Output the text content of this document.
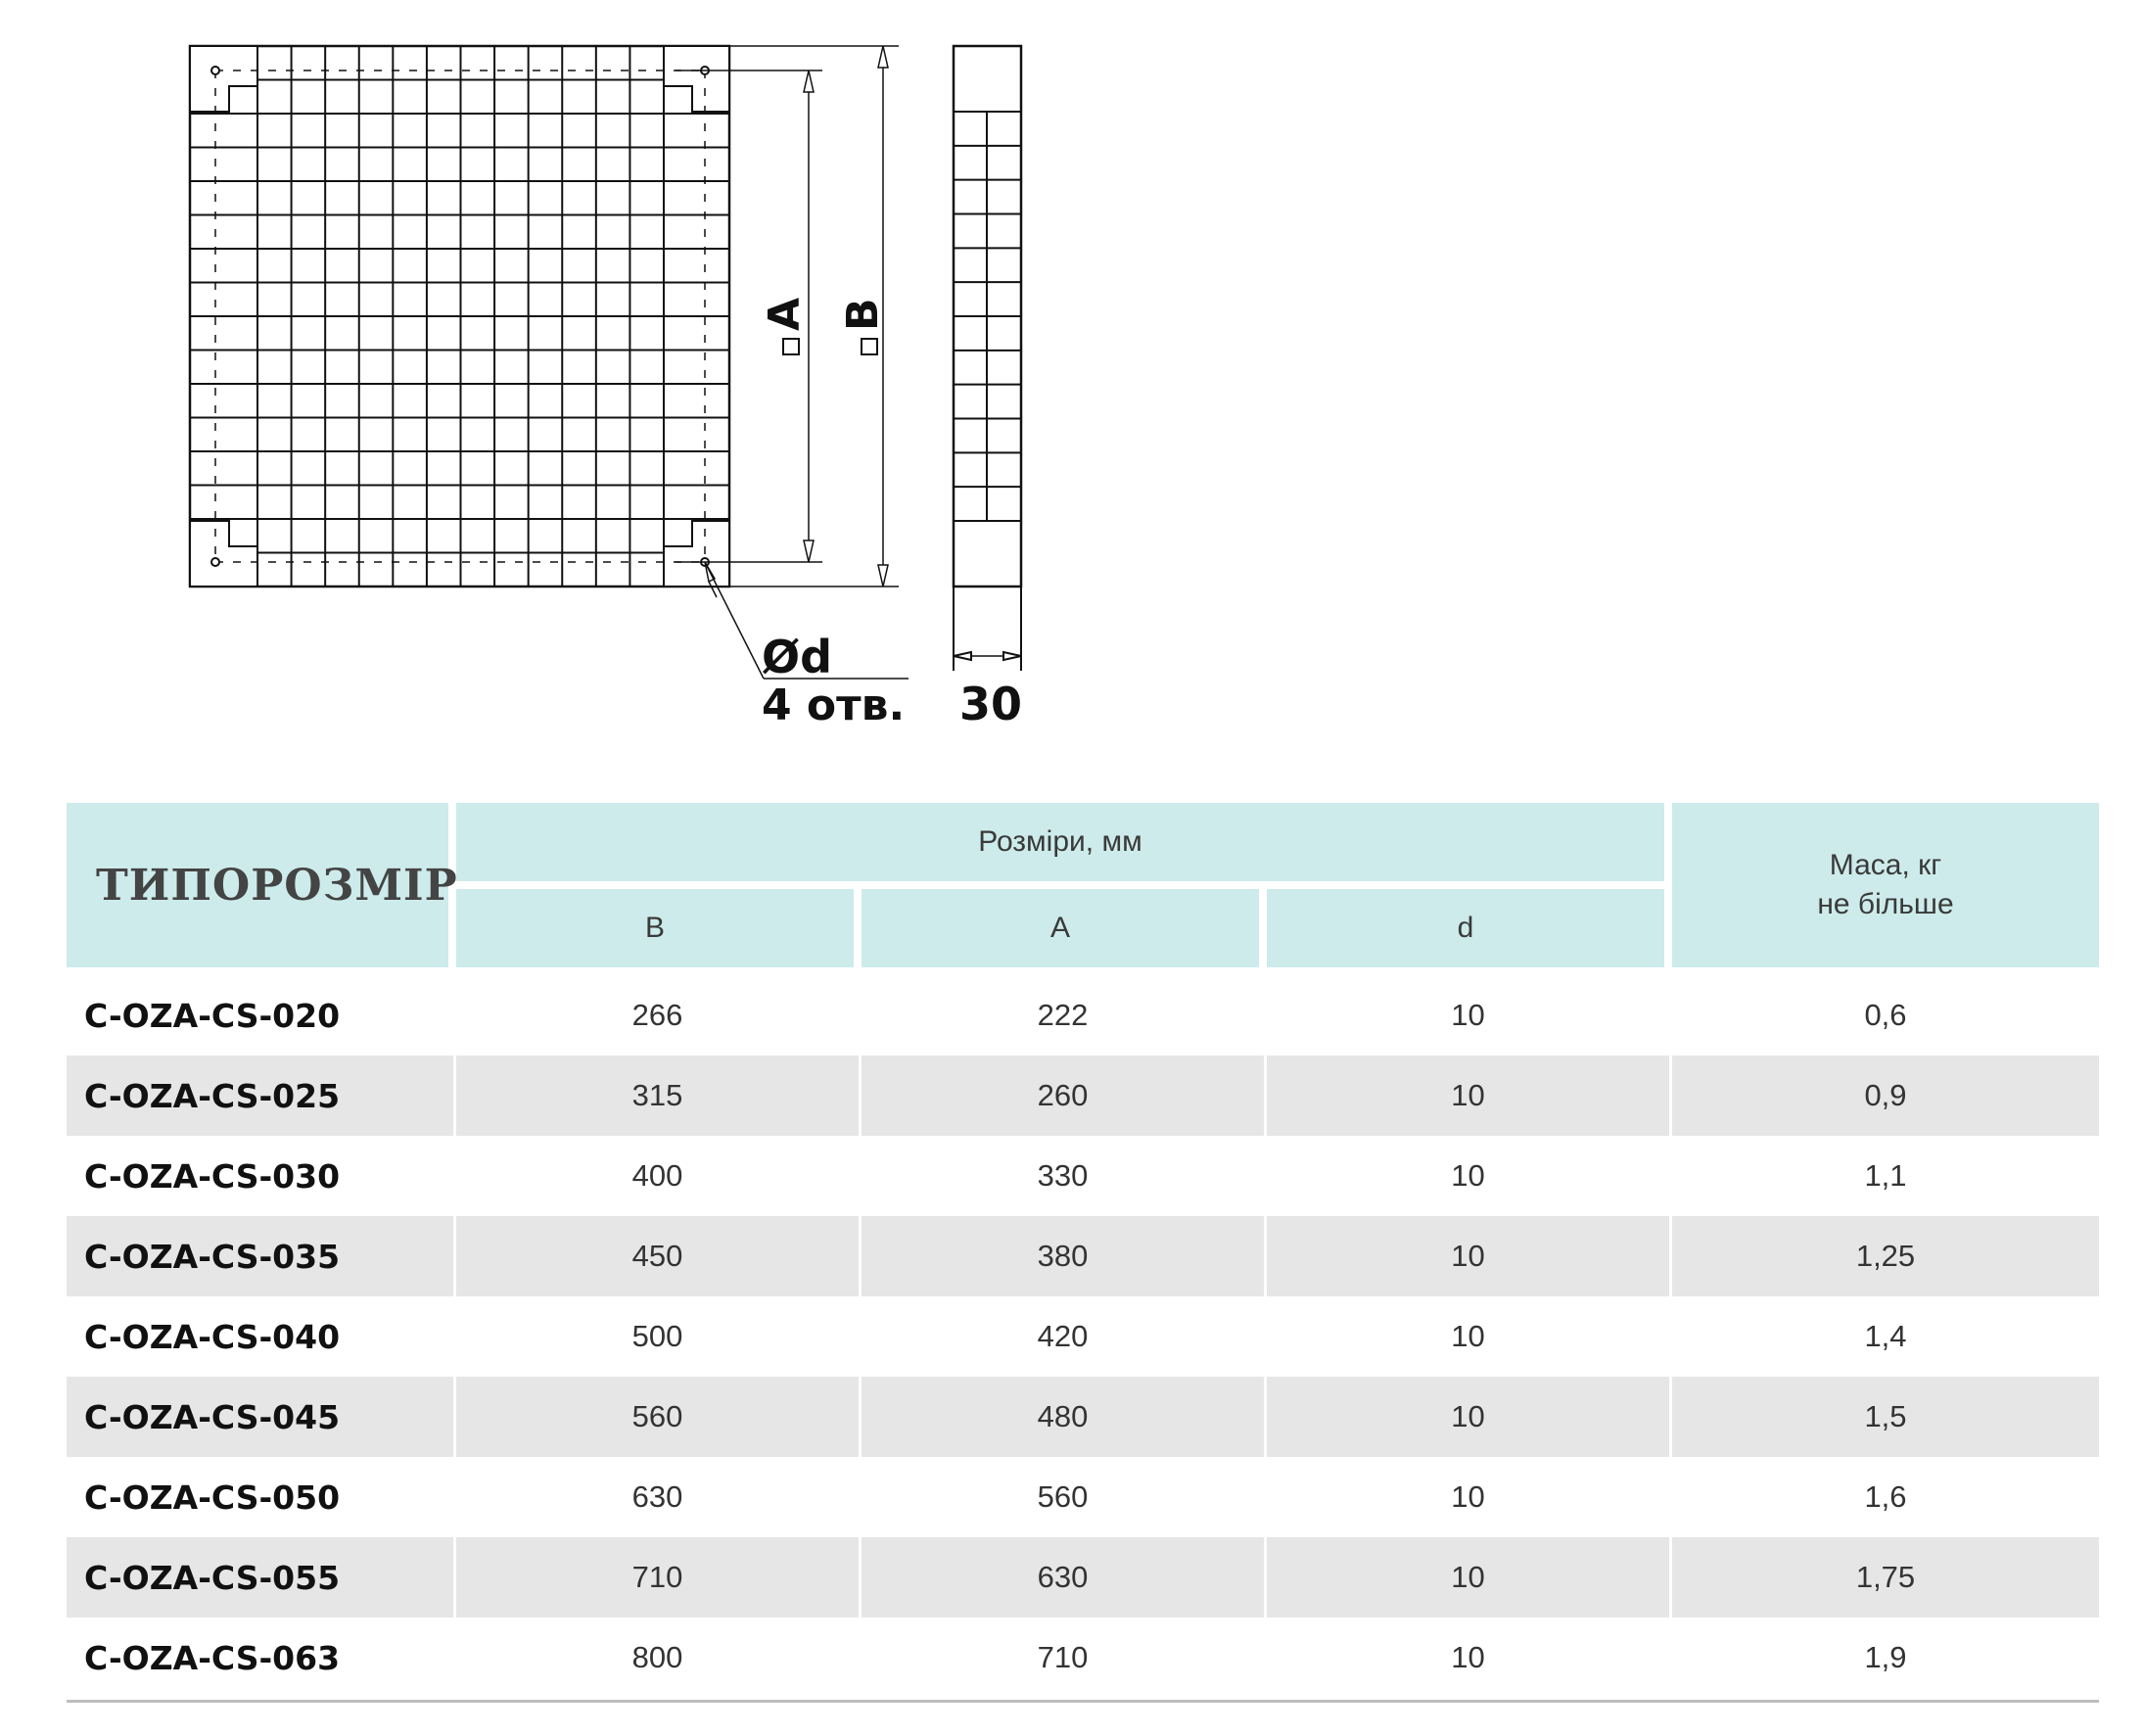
A B
Ød
4 отв. 30
ТИПОРОЗМІР	Розміри, мм			Маса, кг
не більше
	B	A	d	
C-OZA-CS-020	266	222	10	0,6
C-OZA-CS-025	315	260	10	0,9
C-OZA-CS-030	400	330	10	1,1
C-OZA-CS-035	450	380	10	1,25
C-OZA-CS-040	500	420	10	1,4
C-OZA-CS-045	560	480	10	1,5
C-OZA-CS-050	630	560	10	1,6
C-OZA-CS-055	710	630	10	1,75
C-OZA-CS-063	800	710	10	1,9
